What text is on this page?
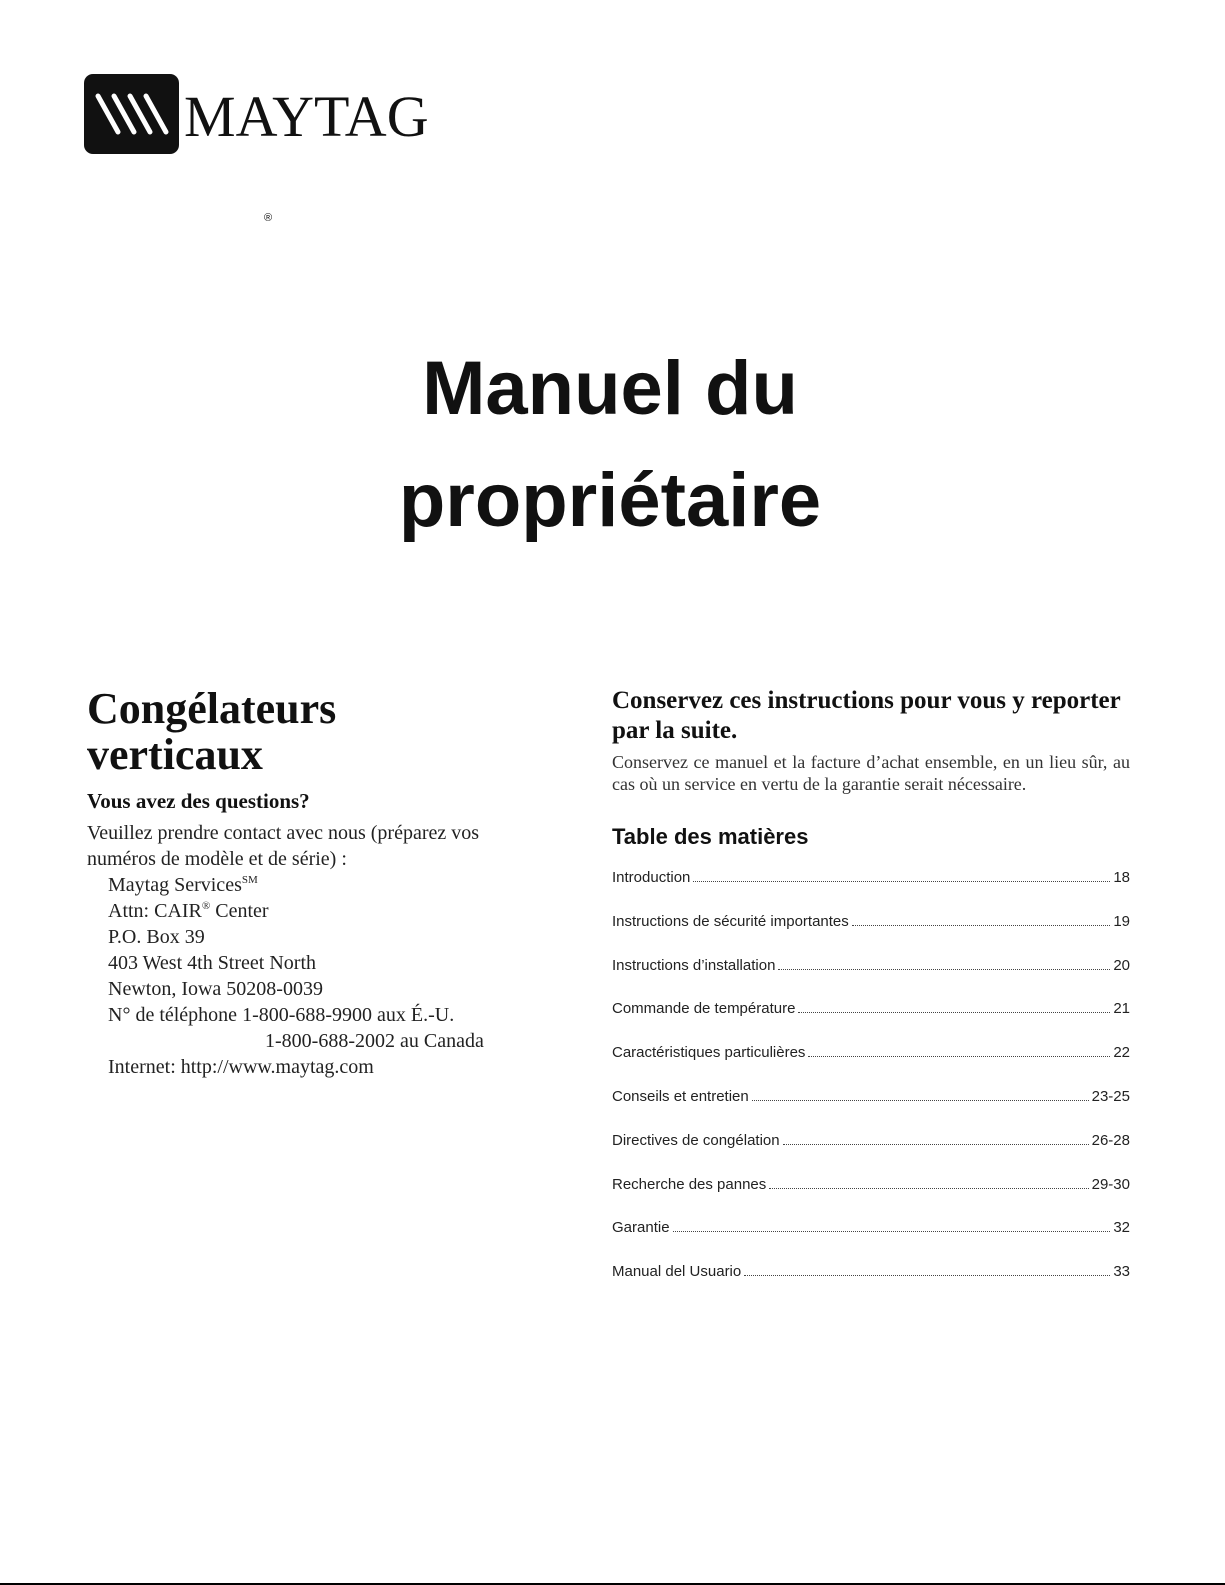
MAYTAG
®
Manuel du
propriétaire
Congélateurs
verticaux
Vous avez des questions?

Veuillez prendre contact avec nous (préparez vos numéros de modèle et de série) :

Maytag Services℠
Attn: CAIR® Center
P.O. Box 39
403 West 4th Street North
Newton, Iowa 50208-0039
N° de téléphone 1-800-688-9900 aux É.-U.
1-800-688-2002 au Canada
Internet: http://www.maytag.com
Conservez ces instructions pour vous y reporter par la suite.

Conservez ce manuel et la facture d’achat ensemble, en un lieu sûr, au cas où un service en vertu de la garantie serait nécessaire.

Table des matières
Introduction	18
Instructions de sécurité importantes	19
Instructions d’installation	20
Commande de température	21
Caractéristiques particulières	22
Conseils et entretien	23-25
Directives de congélation	26-28
Recherche des pannes	29-30
Garantie	32
Manual del Usuario	33
